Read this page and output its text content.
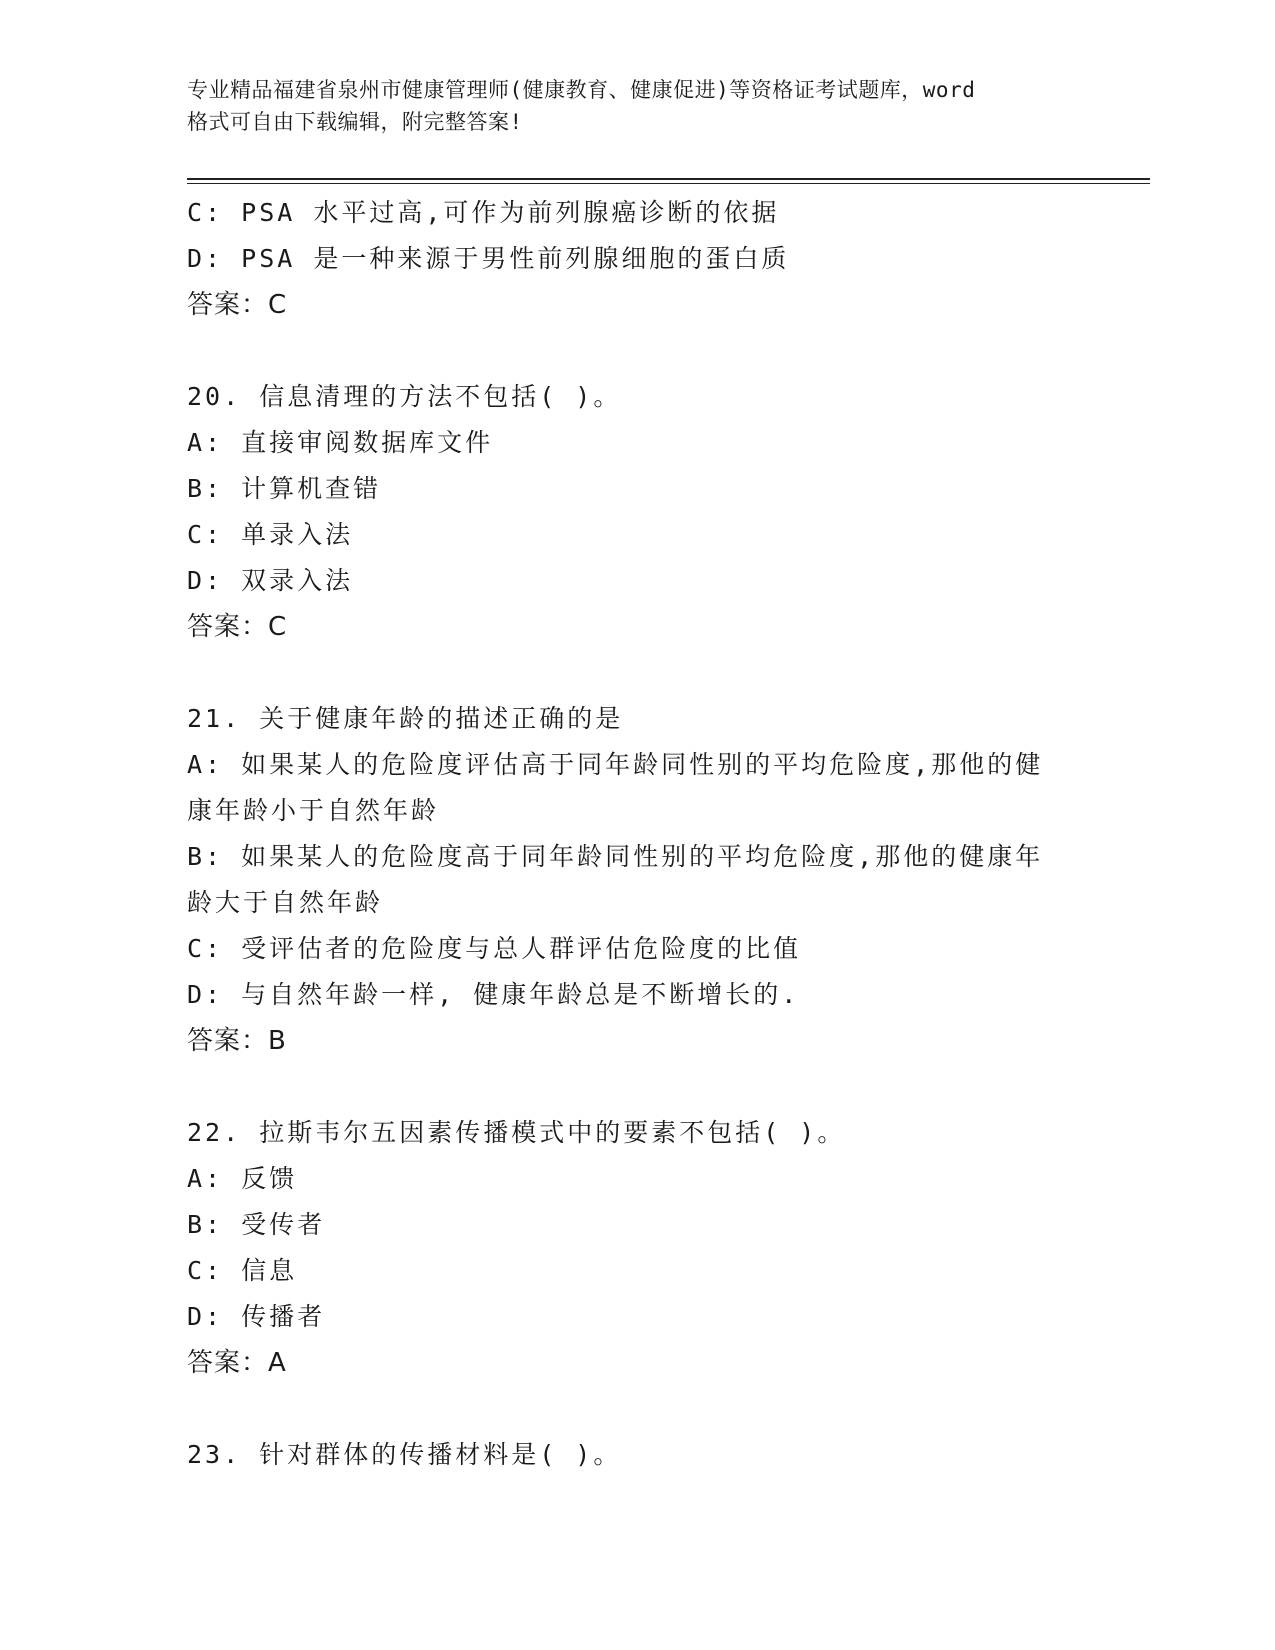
专业精品福建省泉州市健康管理师(健康教育、健康促进)等资格证考试题库，word
格式可自由下载编辑，附完整答案!
C: PSA 水平过高,可作为前列腺癌诊断的依据
D: PSA 是一种来源于男性前列腺细胞的蛋白质
答案：C
20. 信息清理的方法不包括( )。
A: 直接审阅数据库文件
B: 计算机查错
C: 单录入法
D: 双录入法
答案：C
21. 关于健康年龄的描述正确的是
A: 如果某人的危险度评估高于同年龄同性别的平均危险度,那他的健
康年龄小于自然年龄
B: 如果某人的危险度高于同年龄同性别的平均危险度,那他的健康年
龄大于自然年龄
C: 受评估者的危险度与总人群评估危险度的比值
D: 与自然年龄一样, 健康年龄总是不断增长的.
答案：B
22. 拉斯韦尔五因素传播模式中的要素不包括( )。
A: 反馈
B: 受传者
C: 信息
D: 传播者
答案：A
23. 针对群体的传播材料是( )。
